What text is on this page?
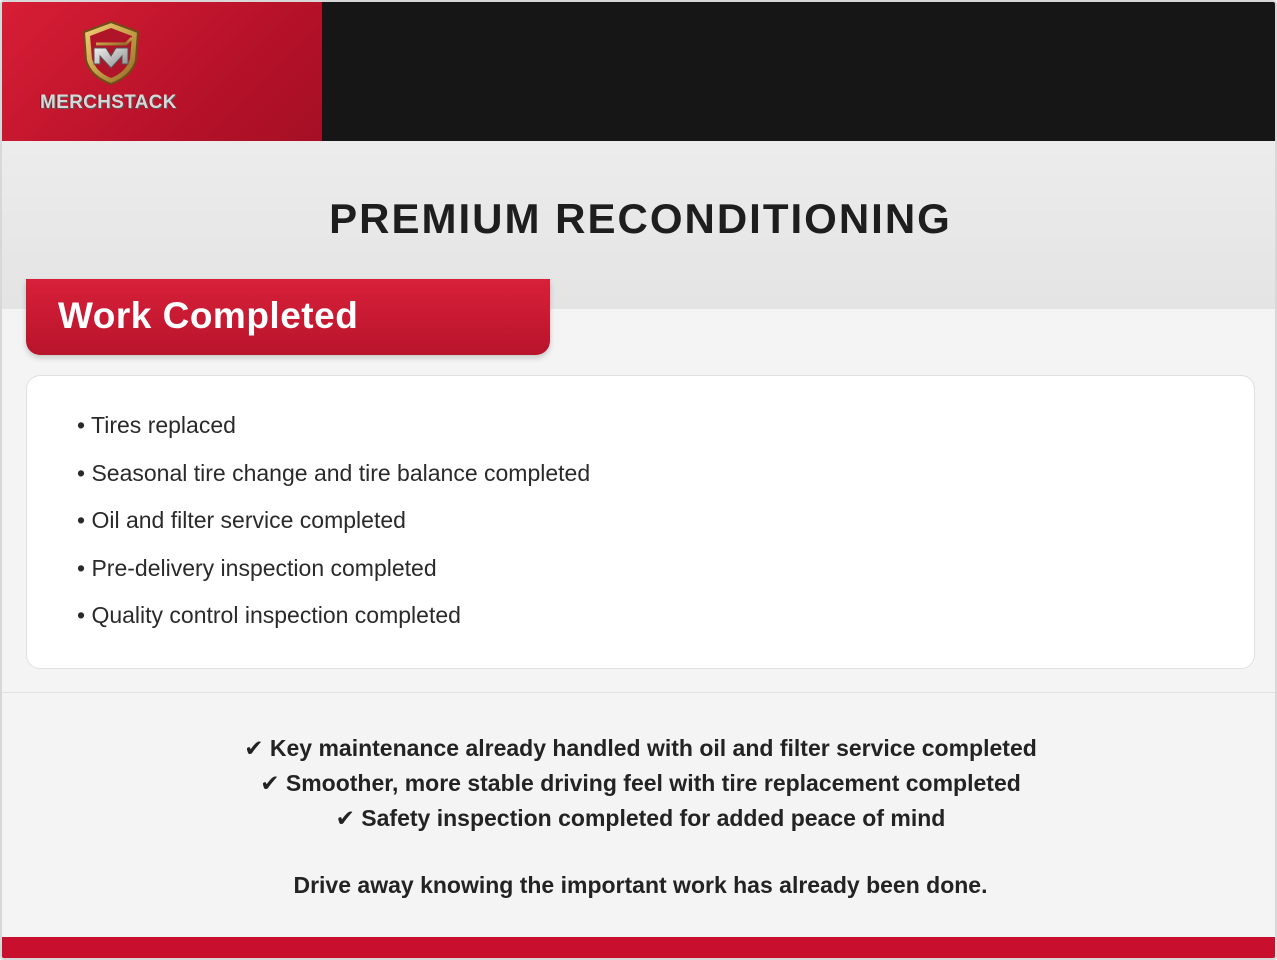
MERCHSTACK
PREMIUM RECONDITIONING
Work Completed
• Tires replaced
• Seasonal tire change and tire balance completed
• Oil and filter service completed
• Pre-delivery inspection completed
• Quality control inspection completed
✔ Key maintenance already handled with oil and filter service completed
✔ Smoother, more stable driving feel with tire replacement completed
✔ Safety inspection completed for added peace of mind
Drive away knowing the important work has already been done.
